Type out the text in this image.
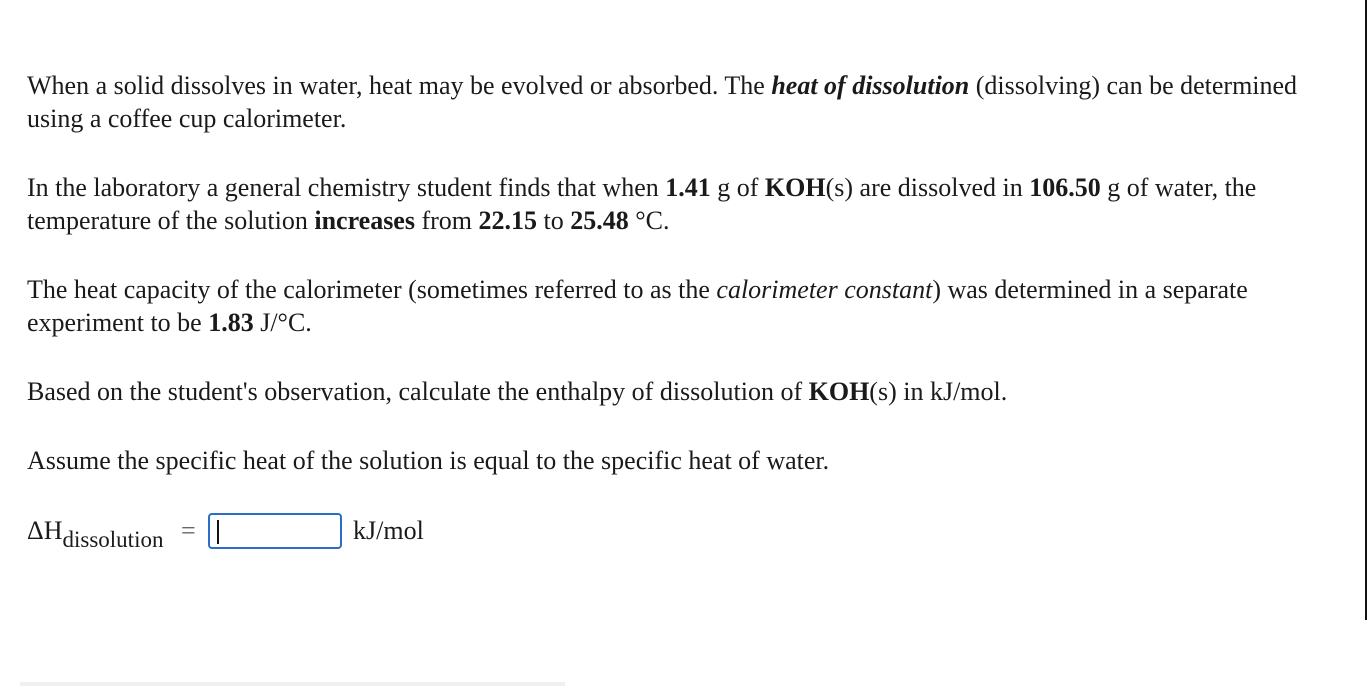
When a solid dissolves in water, heat may be evolved or absorbed. The heat of dissolution (dissolving) can be determined using a coffee cup calorimeter.

In the laboratory a general chemistry student finds that when 1.41 g of KOH(s) are dissolved in 106.50 g of water, the temperature of the solution increases from 22.15 to 25.48 °C.

The heat capacity of the calorimeter (sometimes referred to as the calorimeter constant) was determined in a separate experiment to be 1.83 J/°C.

Based on the student's observation, calculate the enthalpy of dissolution of KOH(s) in kJ/mol.

Assume the specific heat of the solution is equal to the specific heat of water.

$\Delta H_{dissolution}$ =	kJ/mol
